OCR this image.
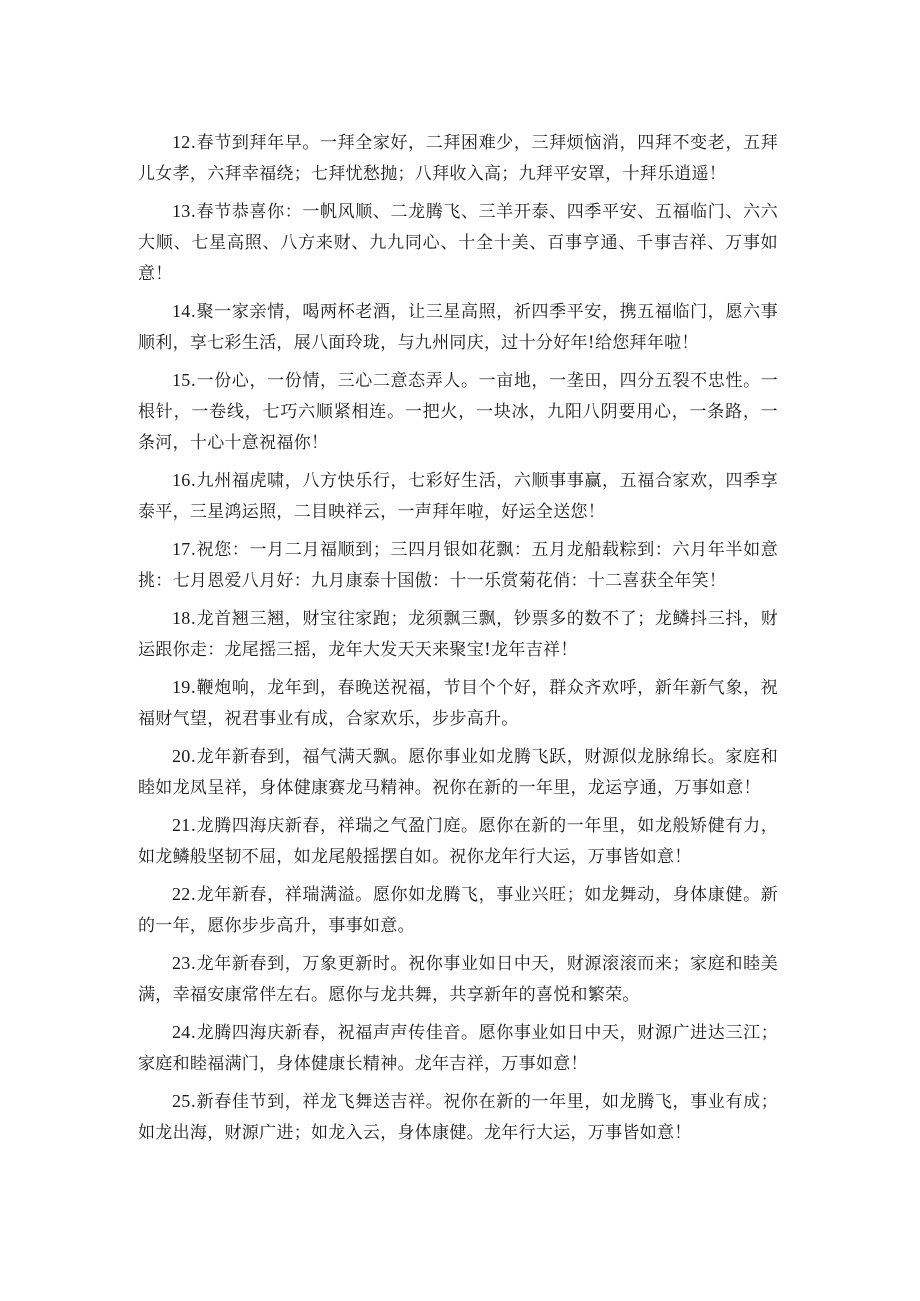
12.春节到拜年早。一拜全家好，二拜困难少，三拜烦恼消，四拜不变老，五拜儿女孝，六拜幸福绕；七拜忧愁抛；八拜收入高；九拜平安罩，十拜乐逍遥！

13.春节恭喜你：一帆风顺、二龙腾飞、三羊开泰、四季平安、五福临门、六六大顺、七星高照、八方来财、九九同心、十全十美、百事亨通、千事吉祥、万事如意！

14.聚一家亲情，喝两杯老酒，让三星高照，祈四季平安，携五福临门，愿六事顺利，享七彩生活，展八面玲珑，与九州同庆，过十分好年!给您拜年啦！

15.一份心，一份情，三心二意态弄人。一亩地，一垄田，四分五裂不忠性。一根针，一卷线，七巧六顺紧相连。一把火，一块冰，九阳八阴要用心，一条路，一条河，十心十意祝福你！

16.九州福虎啸，八方快乐行，七彩好生活，六顺事事赢，五福合家欢，四季享泰平，三星鸿运照，二目映祥云，一声拜年啦，好运全送您！

17.祝您：一月二月福顺到；三四月银如花飘：五月龙船载粽到：六月年半如意挑：七月恩爱八月好：九月康泰十国傲：十一乐赏菊花俏：十二喜获全年笑！

18.龙首翘三翘，财宝往家跑；龙须飘三飘，钞票多的数不了；龙鳞抖三抖，财运跟你走：龙尾摇三摇，龙年大发天天来聚宝!龙年吉祥！

19.鞭炮响，龙年到，春晚送祝福，节目个个好，群众齐欢呼，新年新气象，祝福财气望，祝君事业有成，合家欢乐，步步高升。

20.龙年新春到，福气满天飘。愿你事业如龙腾飞跃，财源似龙脉绵长。家庭和睦如龙凤呈祥，身体健康赛龙马精神。祝你在新的一年里，龙运亨通，万事如意！

21.龙腾四海庆新春，祥瑞之气盈门庭。愿你在新的一年里，如龙般矫健有力，如龙鳞般坚韧不屈，如龙尾般摇摆自如。祝你龙年行大运，万事皆如意！

22.龙年新春，祥瑞满溢。愿你如龙腾飞，事业兴旺；如龙舞动，身体康健。新的一年，愿你步步高升，事事如意。

23.龙年新春到，万象更新时。祝你事业如日中天，财源滚滚而来；家庭和睦美满，幸福安康常伴左右。愿你与龙共舞，共享新年的喜悦和繁荣。

24.龙腾四海庆新春，祝福声声传佳音。愿你事业如日中天，财源广进达三江；家庭和睦福满门，身体健康长精神。龙年吉祥，万事如意！

25.新春佳节到，祥龙飞舞送吉祥。祝你在新的一年里，如龙腾飞，事业有成；如龙出海，财源广进；如龙入云，身体康健。龙年行大运，万事皆如意！
